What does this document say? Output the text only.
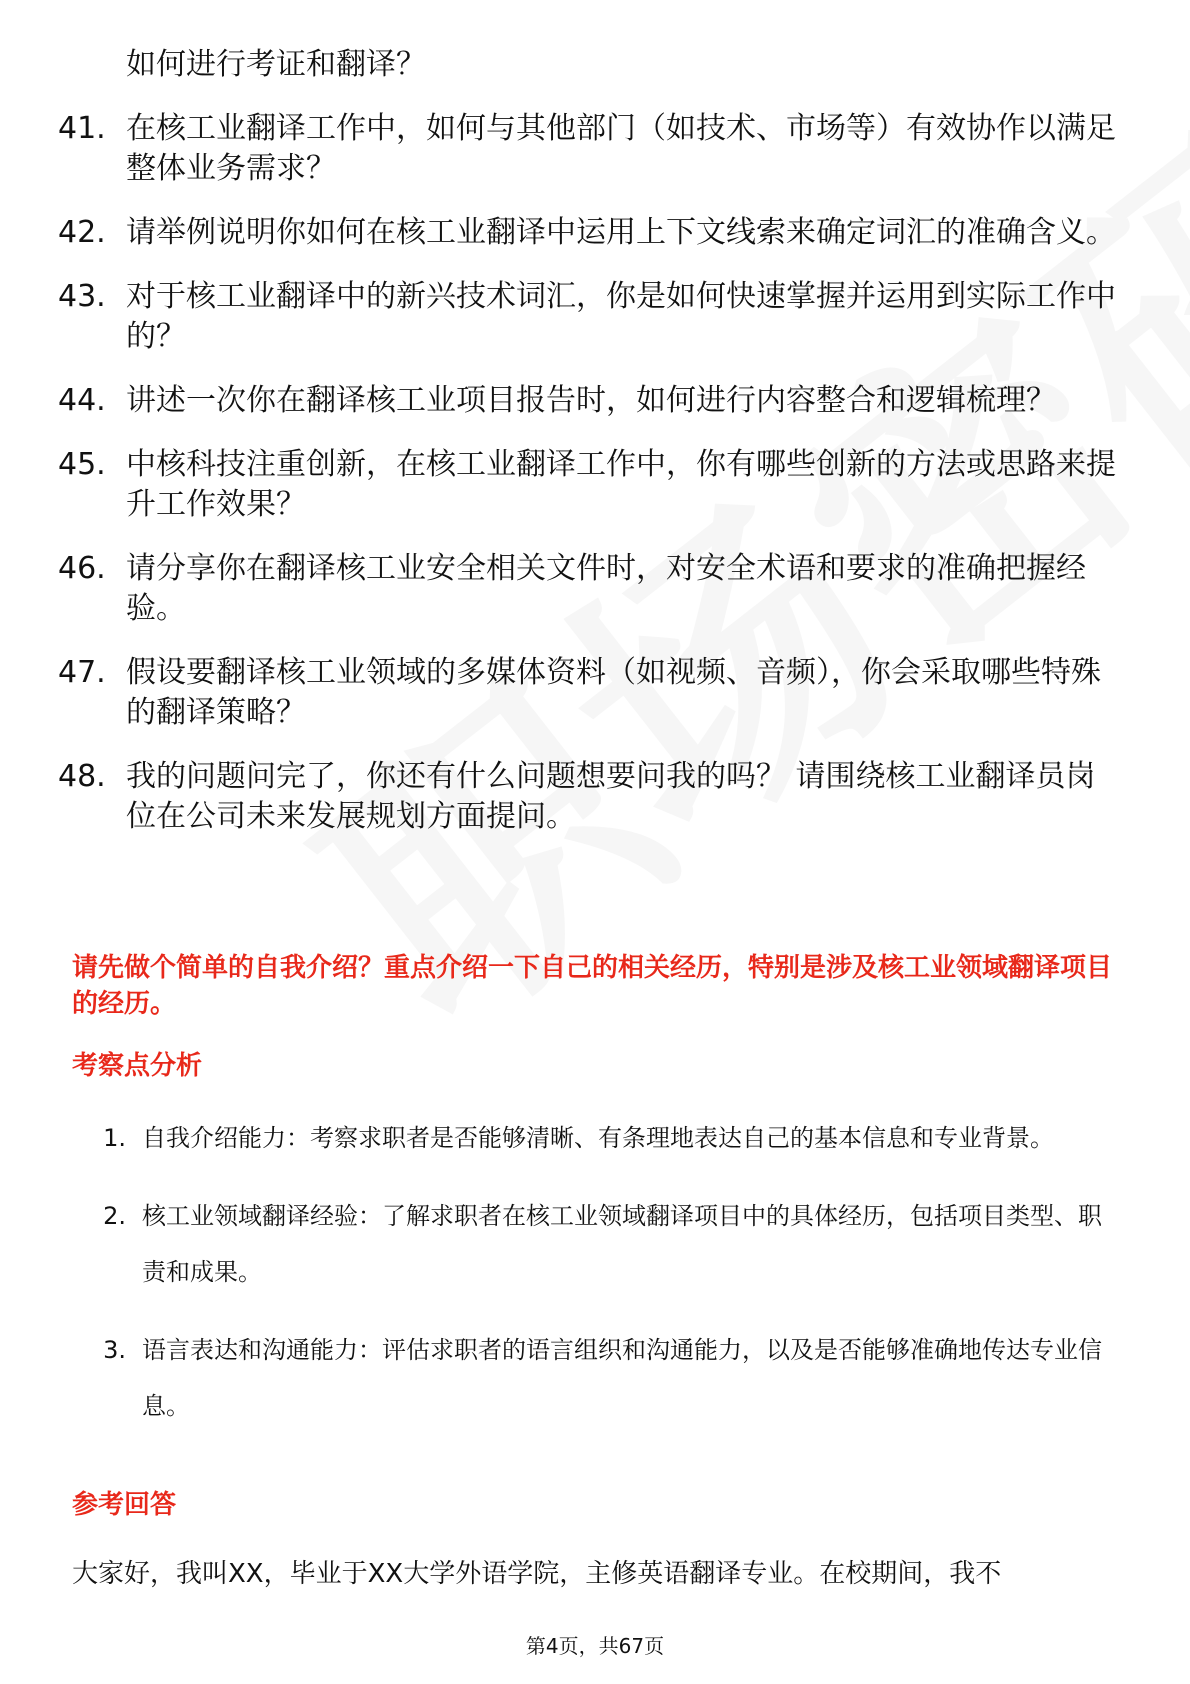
如何进行考证和翻译？
41. 在核工业翻译工作中，如何与其他部门（如技术、市场等）有效协作以满足整体业务需求？
42. 请举例说明你如何在核工业翻译中运用上下文线索来确定词汇的准确含义。
43. 对于核工业翻译中的新兴技术词汇，你是如何快速掌握并运用到实际工作中的？
44. 讲述一次你在翻译核工业项目报告时，如何进行内容整合和逻辑梳理？
45. 中核科技注重创新，在核工业翻译工作中，你有哪些创新的方法或思路来提升工作效果？
46. 请分享你在翻译核工业安全相关文件时，对安全术语和要求的准确把握经验。
47. 假设要翻译核工业领域的多媒体资料（如视频、音频），你会采取哪些特殊的翻译策略？
48. 我的问题问完了，你还有什么问题想要问我的吗？ 请围绕核工业翻译员岗位在公司未来发展规划方面提问。
请先做个简单的自我介绍？重点介绍一下自己的相关经历，特别是涉及核工业领域翻译项目的经历。
考察点分析
1. 自我介绍能力：考察求职者是否能够清晰、有条理地表达自己的基本信息和专业背景。
2. 核工业领域翻译经验：了解求职者在核工业领域翻译项目中的具体经历，包括项目类型、职责和成果。
3. 语言表达和沟通能力：评估求职者的语言组织和沟通能力，以及是否能够准确地传达专业信息。
参考回答
大家好，我叫XX，毕业于XX大学外语学院，主修英语翻译专业。在校期间，我不
第4页，共67页
